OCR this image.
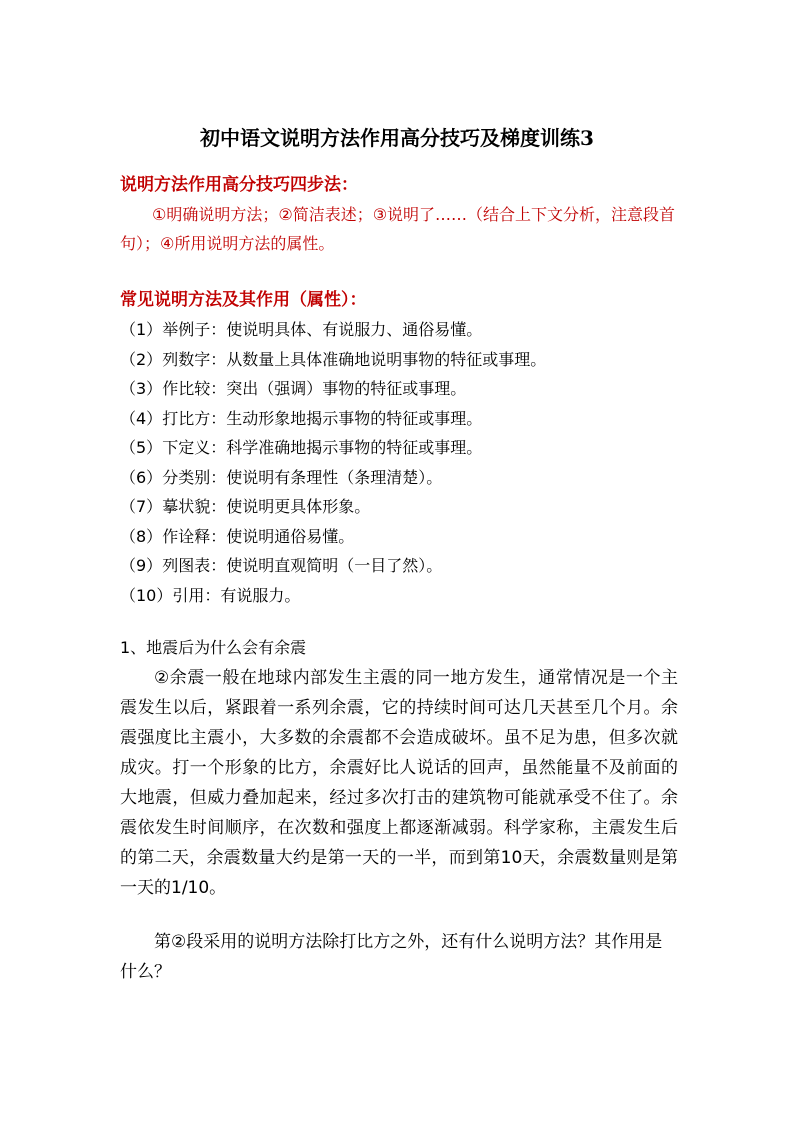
初中语文说明方法作用高分技巧及梯度训练3
说明方法作用高分技巧四步法：
①明确说明方法；②简洁表述；③说明了……（结合上下文分析，注意段首句）；④所用说明方法的属性。
常见说明方法及其作用（属性）：
（1）举例子：使说明具体、有说服力、通俗易懂。
（2）列数字：从数量上具体准确地说明事物的特征或事理。
（3）作比较：突出（强调）事物的特征或事理。
（4）打比方：生动形象地揭示事物的特征或事理。
（5）下定义：科学准确地揭示事物的特征或事理。
（6）分类别：使说明有条理性（条理清楚）。
（7）摹状貌：使说明更具体形象。
（8）作诠释：使说明通俗易懂。
（9）列图表：使说明直观简明（一目了然）。
（10）引用：有说服力。
1、地震后为什么会有余震
②余震一般在地球内部发生主震的同一地方发生，通常情况是一个主震发生以后，紧跟着一系列余震，它的持续时间可达几天甚至几个月。余震强度比主震小，大多数的余震都不会造成破坏。虽不足为患，但多次就成灾。打一个形象的比方，余震好比人说话的回声，虽然能量不及前面的大地震，但威力叠加起来，经过多次打击的建筑物可能就承受不住了。余震依发生时间顺序，在次数和强度上都逐渐减弱。科学家称，主震发生后的第二天，余震数量大约是第一天的一半，而到第10天，余震数量则是第一天的1/10。
第②段采用的说明方法除打比方之外，还有什么说明方法？其作用是什么？
